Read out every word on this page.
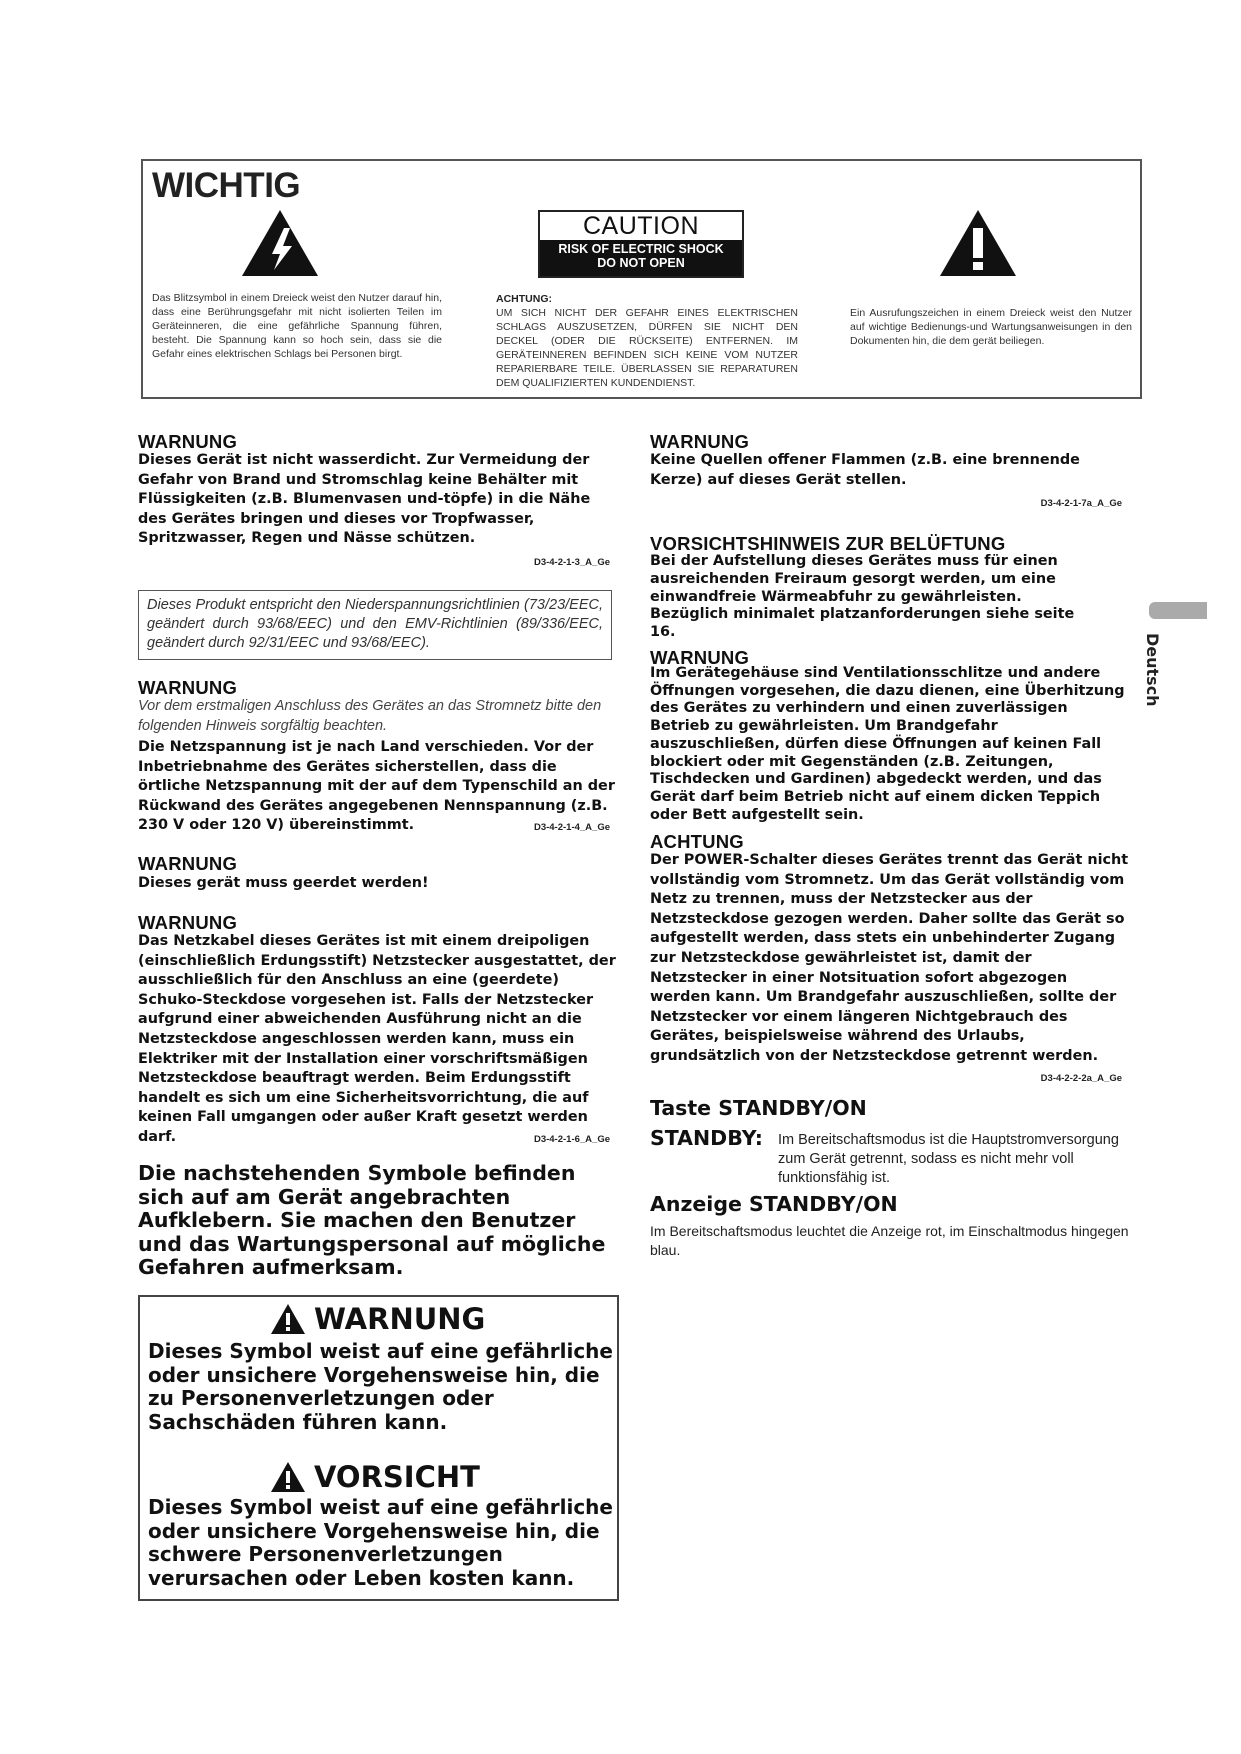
WICHTIG
CAUTION
RISK OF ELECTRIC SHOCK
DO NOT OPEN
Das Blitzsymbol in einem Dreieck weist den Nutzer darauf hin, dass eine Berührungsgefahr mit nicht isolierten Teilen im Geräteinneren, die eine gefährliche Spannung führen, besteht. Die Spannung kann so hoch sein, dass sie die Gefahr eines elektrischen Schlags bei Personen birgt.
ACHTUNG:
UM SICH NICHT DER GEFAHR EINES ELEKTRISCHEN SCHLAGS AUSZUSETZEN, DÜRFEN SIE NICHT DEN DECKEL (ODER DIE RÜCKSEITE) ENTFERNEN. IM GERÄTEINNEREN BEFINDEN SICH KEINE VOM NUTZER REPARIERBARE TEILE. ÜBERLASSEN SIE REPARATUREN DEM QUALIFIZIERTEN KUNDENDIENST.
Ein Ausrufungszeichen in einem Dreieck weist den Nutzer auf wichtige Bedienungs-und Wartungsanweisungen in den Dokumenten hin, die dem gerät beiliegen.
WARNUNG
Dieses Gerät ist nicht wasserdicht. Zur Vermeidung der Gefahr von Brand und Stromschlag keine Behälter mit Flüssigkeiten (z.B. Blumenvasen und-töpfe) in die Nähe des Gerätes bringen und dieses vor Tropfwasser, Spritzwasser, Regen und Nässe schützen.
D3-4-2-1-3_A_Ge
Dieses Produkt entspricht den Niederspannungsrichtlinien (73/23/EEC, geändert durch 93/68/EEC) und den EMV-Richtlinien (89/336/EEC, geändert durch 92/31/EEC und 93/68/EEC).
WARNUNG
Vor dem erstmaligen Anschluss des Gerätes an das Stromnetz bitte den folgenden Hinweis sorgfältig beachten.
Die Netzspannung ist je nach Land verschieden. Vor der Inbetriebnahme des Gerätes sicherstellen, dass die örtliche Netzspannung mit der auf dem Typenschild an der Rückwand des Gerätes angegebenen Nennspannung (z.B. 230 V oder 120 V) übereinstimmt.	D3-4-2-1-4_A_Ge
WARNUNG
Dieses gerät muss geerdet werden!
WARNUNG
Das Netzkabel dieses Gerätes ist mit einem dreipoligen (einschließlich Erdungsstift) Netzstecker ausgestattet, der ausschließlich für den Anschluss an eine (geerdete) Schuko-Steckdose vorgesehen ist. Falls der Netzstecker aufgrund einer abweichenden Ausführung nicht an die Netzsteckdose angeschlossen werden kann, muss ein Elektriker mit der Installation einer vorschriftsmäßigen Netzsteckdose beauftragt werden. Beim Erdungsstift handelt es sich um eine Sicherheitsvorrichtung, die auf keinen Fall umgangen oder außer Kraft gesetzt werden darf.	D3-4-2-1-6_A_Ge
Die nachstehenden Symbole befinden sich auf am Gerät angebrachten Aufklebern. Sie machen den Benutzer und das Wartungspersonal auf mögliche Gefahren aufmerksam.
WARNUNG
Dieses Symbol weist auf eine gefährliche oder unsichere Vorgehensweise hin, die zu Personenverletzungen oder Sachschäden führen kann.
VORSICHT
Dieses Symbol weist auf eine gefährliche oder unsichere Vorgehensweise hin, die schwere Personenverletzungen verursachen oder Leben kosten kann.
WARNUNG
Keine Quellen offener Flammen (z.B. eine brennende Kerze) auf dieses Gerät stellen.
D3-4-2-1-7a_A_Ge
VORSICHTSHINWEIS ZUR BELÜFTUNG
Bei der Aufstellung dieses Gerätes muss für einen ausreichenden Freiraum gesorgt werden, um eine einwandfreie Wärmeabfuhr zu gewährleisten. Bezüglich minimalet platzanforderungen siehe seite 16.
WARNUNG
Im Gerätegehäuse sind Ventilationsschlitze und andere Öffnungen vorgesehen, die dazu dienen, eine Überhitzung des Gerätes zu verhindern und einen zuverlässigen Betrieb zu gewährleisten. Um Brandgefahr auszuschließen, dürfen diese Öffnungen auf keinen Fall blockiert oder mit Gegenständen (z.B. Zeitungen, Tischdecken und Gardinen) abgedeckt werden, und das Gerät darf beim Betrieb nicht auf einem dicken Teppich oder Bett aufgestellt sein.
ACHTUNG
Der POWER-Schalter dieses Gerätes trennt das Gerät nicht vollständig vom Stromnetz. Um das Gerät vollständig vom Netz zu trennen, muss der Netzstecker aus der Netzsteckdose gezogen werden. Daher sollte das Gerät so aufgestellt werden, dass stets ein unbehinderter Zugang zur Netzsteckdose gewährleistet ist, damit der Netzstecker in einer Notsituation sofort abgezogen werden kann. Um Brandgefahr auszuschließen, sollte der Netzstecker vor einem längeren Nichtgebrauch des Gerätes, beispielsweise während des Urlaubs, grundsätzlich von der Netzsteckdose getrennt werden.
D3-4-2-2-2a_A_Ge
Taste STANDBY/ON
STANDBY: Im Bereitschaftsmodus ist die Hauptstromversorgung zum Gerät getrennt, sodass es nicht mehr voll funktionsfähig ist.
Anzeige STANDBY/ON
Im Bereitschaftsmodus leuchtet die Anzeige rot, im Einschaltmodus hingegen blau.
Deutsch
